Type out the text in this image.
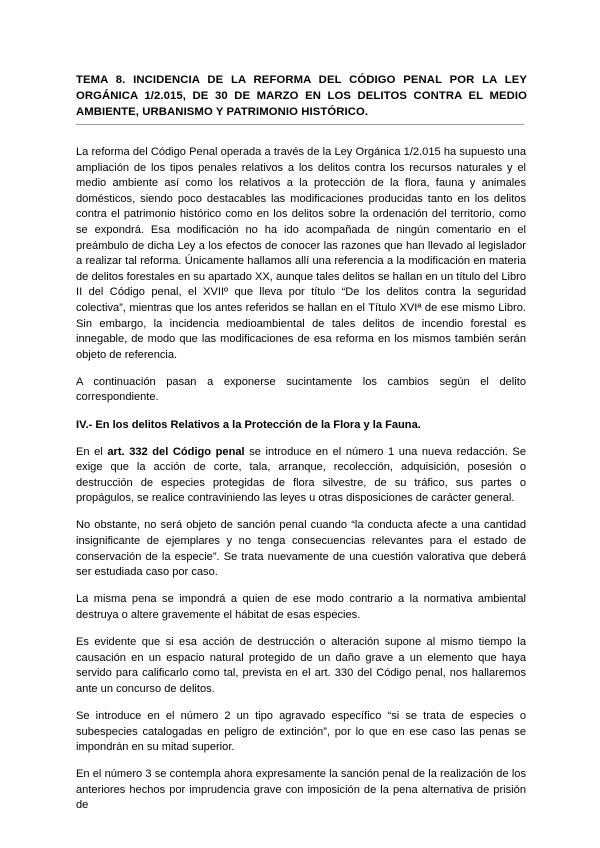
TEMA 8. INCIDENCIA DE LA REFORMA DEL CÓDIGO PENAL POR LA LEY ORGÁNICA 1/2.015, DE 30 DE MARZO EN LOS DELITOS CONTRA EL MEDIO AMBIENTE, URBANISMO Y PATRIMONIO HISTÓRICO.

La reforma del Código Penal operada a través de la Ley Orgánica 1/2.015 ha supuesto una ampliación de los tipos penales relativos a los delitos contra los recursos naturales y el medio ambiente así como los relativos a la protección de la flora, fauna y animales domésticos, siendo poco destacables las modificaciones producidas tanto en los delitos contra el patrimonio histórico como en los delitos sobre la ordenación del territorio, como se expondrá. Esa modificación no ha ido acompañada de ningún comentario en el preámbulo de dicha Ley a los efectos de conocer las razones que han llevado al legislador a realizar tal reforma. Únicamente hallamos allí una referencia a la modificación en materia de delitos forestales en su apartado XX, aunque tales delitos se hallan en un título del Libro II del Código penal, el XVIIº que lleva por título “De los delitos contra la seguridad colectiva”, mientras que los antes referidos se hallan en el Título XVIª de ese mismo Libro. Sin embargo, la incidencia medioambiental de tales delitos de incendio forestal es innegable, de modo que las modificaciones de esa reforma en los mismos también serán objeto de referencia.

A continuación pasan a exponerse sucintamente los cambios según el delito correspondiente.

IV.- En los delitos Relativos a la Protección de la Flora y la Fauna.

En el art. 332 del Código penal se introduce en el número 1 una nueva redacción. Se exige que la acción de corte, tala, arranque, recolección, adquisición, posesión o destrucción de especies protegidas de flora silvestre, de su tráfico, sus partes o propágulos, se realice contraviniendo las leyes u otras disposiciones de carácter general.

No obstante, no será objeto de sanción penal cuando “la conducta afecte a una cantidad insignificante de ejemplares y no tenga consecuencias relevantes para el estado de conservación de la especie”. Se trata nuevamente de una cuestión valorativa que deberá ser estudiada caso por caso.

La misma pena se impondrá a quien de ese modo contrario a la normativa ambiental destruya o altere gravemente el hábitat de esas especies.

Es evidente que si esa acción de destrucción o alteración supone al mismo tiempo la causación en un espacio natural protegido de un daño grave a un elemento que haya servido para calificarlo como tal, prevista en el art. 330 del Código penal, nos hallaremos ante un concurso de delitos.

Se introduce en el número 2 un tipo agravado específico “si se trata de especies o subespecies catalogadas en peligro de extinción”, por lo que en ese caso las penas se impondrán en su mitad superior.

En el número 3 se contempla ahora expresamente la sanción penal de la realización de los anteriores hechos por imprudencia grave con imposición de la pena alternativa de prisión de
